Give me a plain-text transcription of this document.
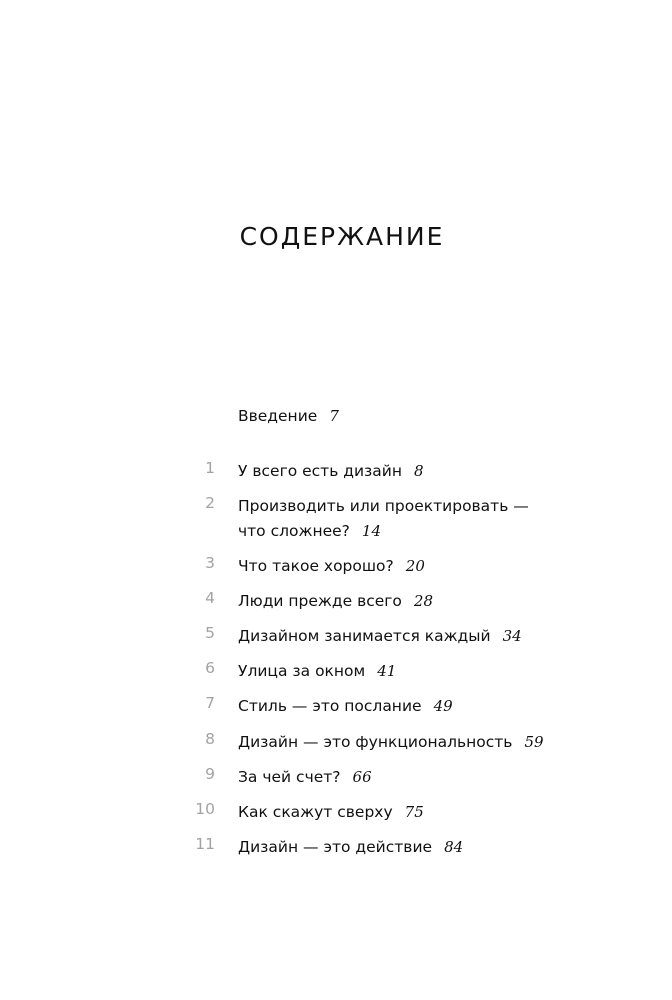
СОДЕРЖАНИЕ
Введение 7
1 У всего есть дизайн 8
2 Производить или проектировать —
что сложнее? 14
3 Что такое хорошо? 20
4 Люди прежде всего 28
5 Дизайном занимается каждый 34
6 Улица за окном 41
7 Стиль — это послание 49
8 Дизайн — это функциональность 59
9 За чей счет? 66
10 Как скажут сверху 75
11 Дизайн — это действие 84
